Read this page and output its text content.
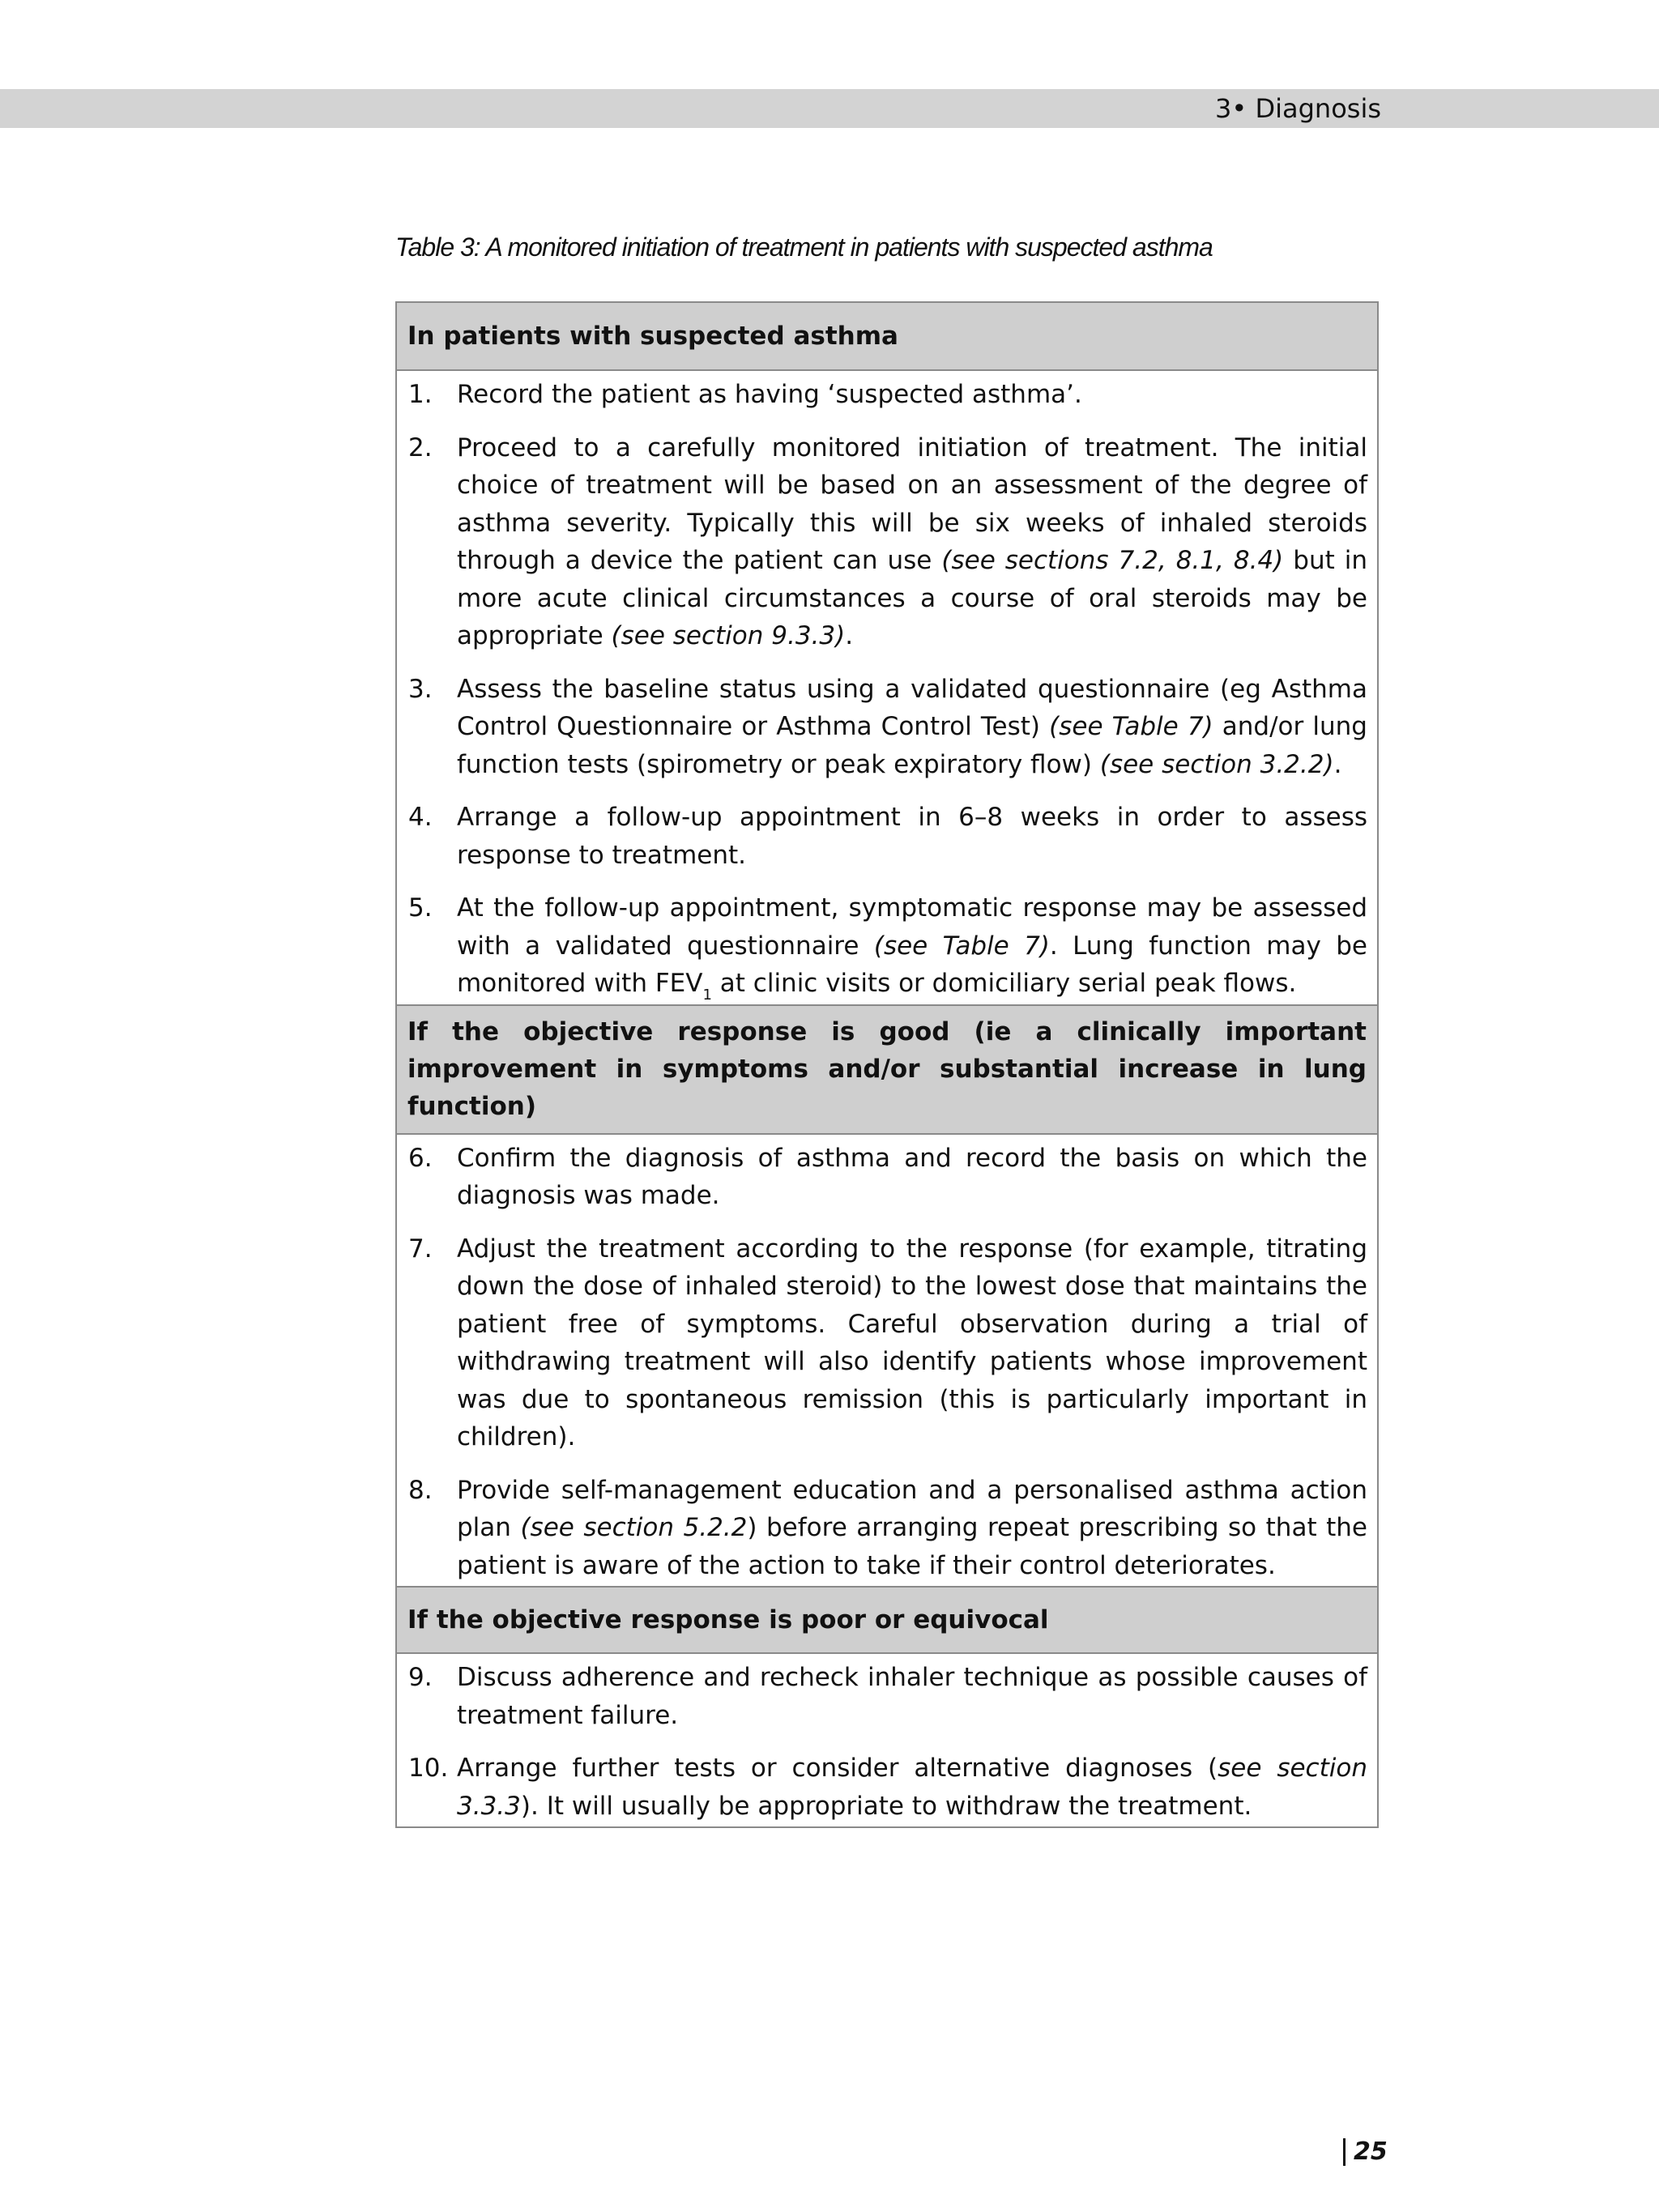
3• Diagnosis
Table 3: A monitored initiation of treatment in patients with suspected asthma
In patients with suspected asthma
1. Record the patient as having ‘suspected asthma’.
2. Proceed to a carefully monitored initiation of treatment. The initial choice of treatment will be based on an assessment of the degree of asthma severity. Typically this will be six weeks of inhaled steroids through a device the patient can use (see sections 7.2, 8.1, 8.4) but in more acute clinical circumstances a course of oral steroids may be appropriate (see section 9.3.3).
3. Assess the baseline status using a validated questionnaire (eg Asthma Control Questionnaire or Asthma Control Test) (see Table 7) and/or lung function tests (spirometry or peak expiratory flow) (see section 3.2.2).
4. Arrange a follow-up appointment in 6–8 weeks in order to assess response to treatment.
5. At the follow-up appointment, symptomatic response may be assessed with a validated questionnaire (see Table 7). Lung function may be monitored with $FEV_1$ at clinic visits or domiciliary serial peak flows.
If the objective response is good (ie a clinically important improvement in symptoms and/or substantial increase in lung function)
6. Confirm the diagnosis of asthma and record the basis on which the diagnosis was made.
7. Adjust the treatment according to the response (for example, titrating down the dose of inhaled steroid) to the lowest dose that maintains the patient free of symptoms. Careful observation during a trial of withdrawing treatment will also identify patients whose improvement was due to spontaneous remission (this is particularly important in children).
8. Provide self-management education and a personalised asthma action plan (see section 5.2.2) before arranging repeat prescribing so that the patient is aware of the action to take if their control deteriorates.
If the objective response is poor or equivocal
9. Discuss adherence and recheck inhaler technique as possible causes of treatment failure.
10. Arrange further tests or consider alternative diagnoses (see section 3.3.3). It will usually be appropriate to withdraw the treatment.
25
